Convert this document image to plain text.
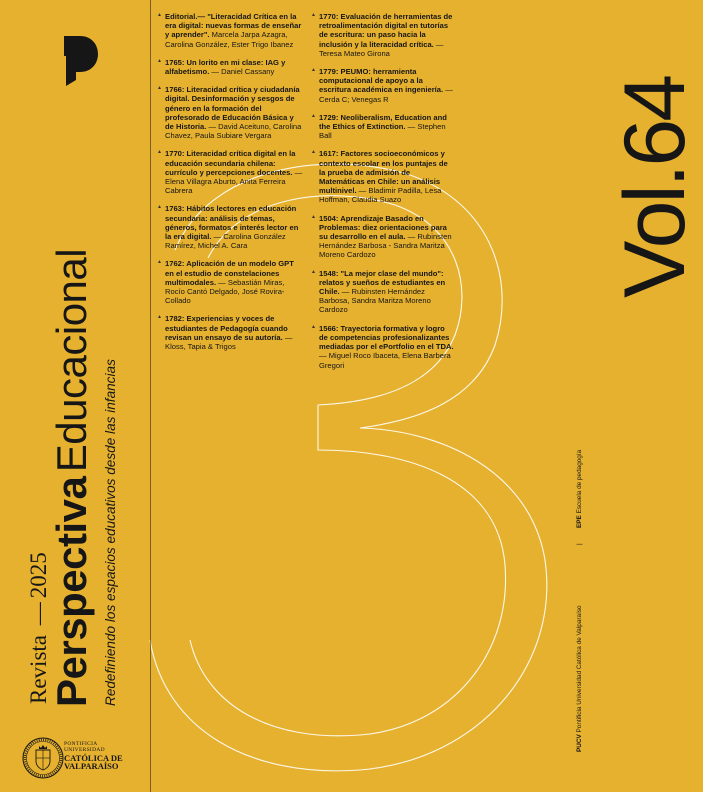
Revista —2025
Perspectiva Educacional Redefiniendo los espacios educativos desde las infancias
PONTIFICIA
UNIVERSIDAD
CATÓLICA DE
VALPARAÍSO
▲ Editorial.— "Literacidad Crítica en la era digital: nuevas formas de enseñar y aprender". Marcela Jarpa Azagra, Carolina González, Ester Trigo Ibanez
▲ 1765: Un lorito en mi clase: IAG y alfabetismo. — Daniel Cassany
▲ 1766: Literacidad crítica y ciudadanía digital. Desinformación y sesgos de género en la formación del profesorado de Educación Básica y de Historia. — David Aceituno, Carolina Chavez, Paula Subiare Vergara
▲ 1770: Literacidad crítica digital en la educación secundaria chilena: currículo y percepciones docentes. — Elena Villagra Aburto, Anita Ferreira Cabrera
▲ 1763: Hábitos lectores en educación secundaria: análisis de temas, géneros, formatos e interés lector en la era digital. — Carolina González Ramírez, Michel A. Cara
▲ 1762: Aplicación de un modelo GPT en el estudio de constelaciones multimodales. — Sebastián Miras, Rocío Cantó Delgado, José Rovira-Collado
▲ 1782: Experiencias y voces de estudiantes de Pedagogía cuando revisan un ensayo de su autoría. —Kloss, Tapia & Trigos
▲ 1770: Evaluación de herramientas de retroalimentación digital en tutorías de escritura: un paso hacia la inclusión y la literacidad crítica. — Teresa Mateo Girona
▲ 1779: PEUMO: herramienta computacional de apoyo a la escritura académica en ingeniería. — Cerda C; Venegas R
▲ 1729: Neoliberalism, Education and the Ethics of Extinction. — Stephen Ball
▲ 1617: Factores socioeconómicos y contexto escolar en los puntajes de la prueba de admisión de Matemáticas en Chile: un análisis multinivel. — Bladimir Padilla, Lesa Hoffman, Claudia Suazo
▲ 1504: Aprendizaje Basado en Problemas: diez orientaciones para su desarrollo en el aula. — Rubinsten Hernández Barbosa - Sandra Maritza Moreno Cardozo
▲ 1548: "La mejor clase del mundo": relatos y sueños de estudiantes en Chile. — Rubinsten Hernández Barbosa, Sandra Maritza Moreno Cardozo
▲ 1566: Trayectoria formativa y logro de competencias profesionalizantes mediadas por el ePortfolio en el TDA. — Miguel Roco Ibaceta, Elena Barbera Gregori
Vol.64
PUCV Pontificia Universidad Católica de Valparaíso
|
EPE Escuela de pedagogía
